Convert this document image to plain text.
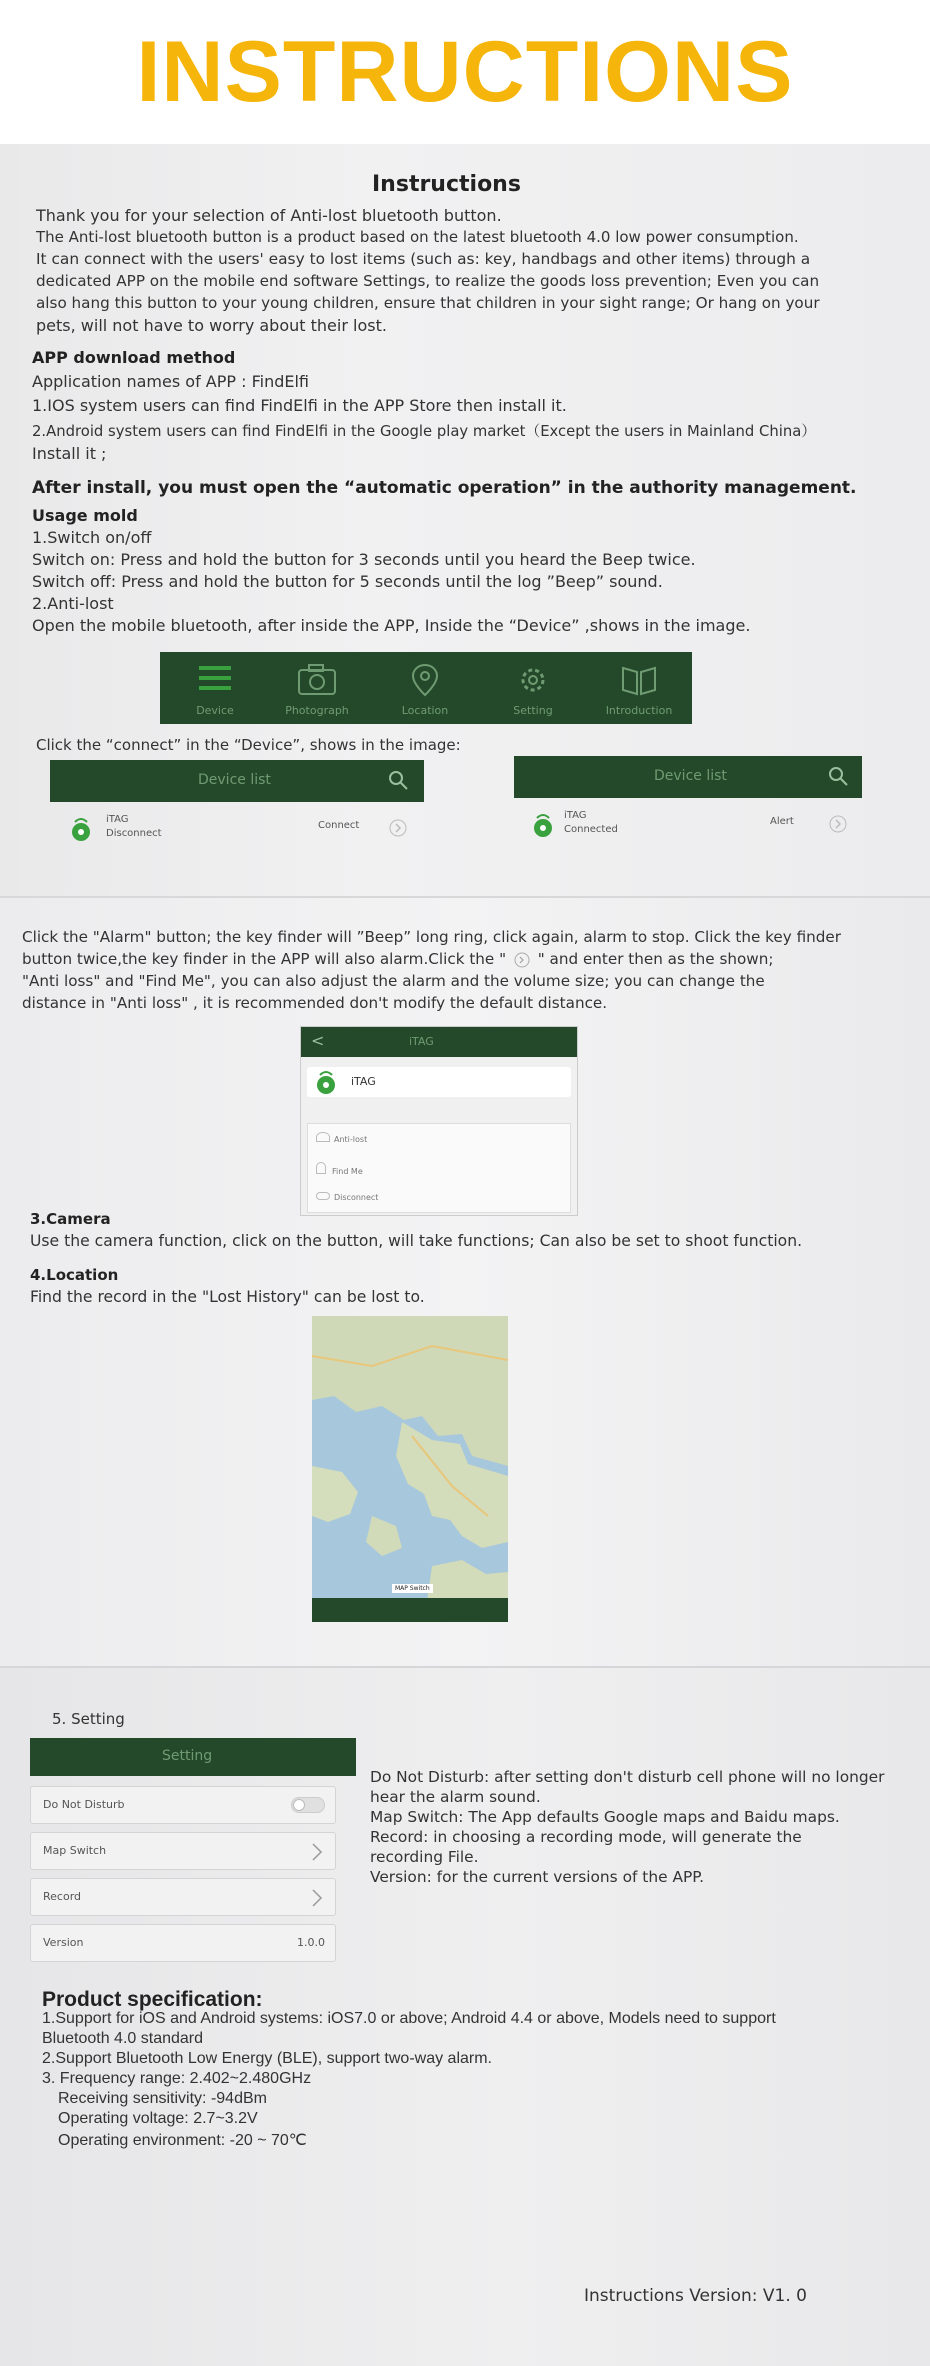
INSTRUCTIONS
Instructions
Thank you for your selection of Anti-lost bluetooth button.
The Anti-lost bluetooth button is a product based on the latest bluetooth 4.0 low power consumption.
It can connect with the users' easy to lost items (such as: key, handbags and other items) through a
dedicated APP on the mobile end software Settings, to realize the goods loss prevention; Even you can
also hang this button to your young children, ensure that children in your sight range; Or hang on your
pets, will not have to worry about their lost.
APP download method
Application names of APP : FindElfi
1.IOS system users can find FindElfi in the APP Store then install it.
2.Android system users can find FindElfi in the Google play market（Except the users in Mainland China）
Install it ;
After install, you must open the “automatic operation” in the authority management.
Usage mold
1.Switch on/off
Switch on: Press and hold the button for 3 seconds until you heard the Beep twice.
Switch off: Press and hold the button for 5 seconds until the log ”Beep” sound.
2.Anti-lost
Open the mobile bluetooth, after inside the APP, Inside the “Device” ,shows in the image.
Device	Photograph	Location	Setting	Introduction
Click the “connect” in the “Device”, shows in the image:
Device list
iTAG
Disconnect
Connect
Device list
iTAG
Connected
Alert
Click the "Alarm" button; the key finder will ”Beep” long ring, click again, alarm to stop. Click the key finder
button twice,the key finder in the APP will also alarm.Click the " " and enter then as the shown;
"Anti loss" and "Find Me", you can also adjust the alarm and the volume size; you can change the
distance in "Anti loss" , it is recommended don't modify the default distance.
<	iTAG
iTAG
Anti-lost
Find Me
Disconnect
3.Camera
Use the camera function, click on the button, will take functions; Can also be set to shoot function.
4.Location
Find the record in the "Lost History" can be lost to.
MAP Switch
5. Setting
Setting
Do Not Disturb
Map Switch
Record
Version	1.0.0
Do Not Disturb: after setting don't disturb cell phone will no longer
hear the alarm sound.
Map Switch: The App defaults Google maps and Baidu maps.
Record: in choosing a recording mode, will generate the
recording File.
Version: for the current versions of the APP.
Product specification:
1.Support for iOS and Android systems: iOS7.0 or above; Android 4.4 or above, Models need to support
Bluetooth 4.0 standard
2.Support Bluetooth Low Energy (BLE), support two-way alarm.
3. Frequency range: 2.402~2.480GHz
Receiving sensitivity: -94dBm
Operating voltage: 2.7~3.2V
Operating environment: -20 ~ 70℃
Instructions Version: V1. 0
